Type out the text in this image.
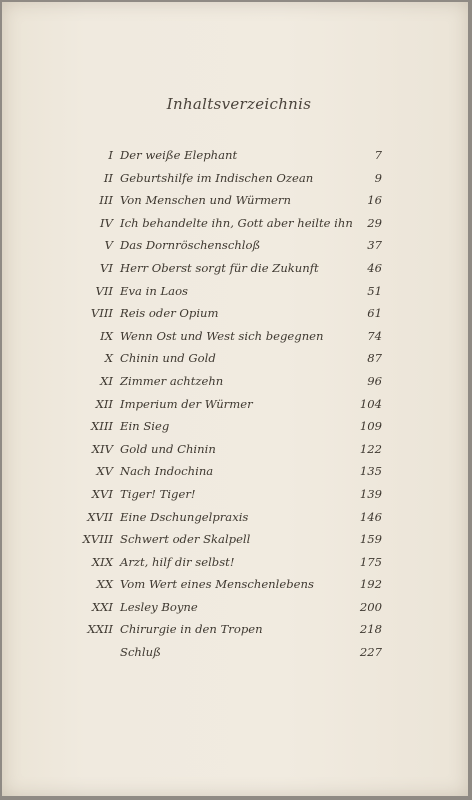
Inhaltsverzeichnis
I Der weiße Elephant	7
II Geburtshilfe im Indischen Ozean	9
III Von Menschen und Würmern	16
IV Ich behandelte ihn, Gott aber heilte ihn 29
V Das Dornröschenschloß	37
VI Herr Oberst sorgt für die Zukunft	46
VII Eva in Laos	51
VIII Reis oder Opium	61
IX Wenn Ost und West sich begegnen	74
X Chinin und Gold	87
XI Zimmer achtzehn	96
XII Imperium der Würmer	104
XIII Ein Sieg	109
XIV Gold und Chinin	122
XV Nach Indochina	135
XVI Tiger! Tiger!	139
XVII Eine Dschungelpraxis	146
XVIII Schwert oder Skalpell	159
XIX Arzt, hilf dir selbst!	175
XX Vom Wert eines Menschenlebens	192
XXI Lesley Boyne	200
XXII Chirurgie in den Tropen	218
Schluß	227
